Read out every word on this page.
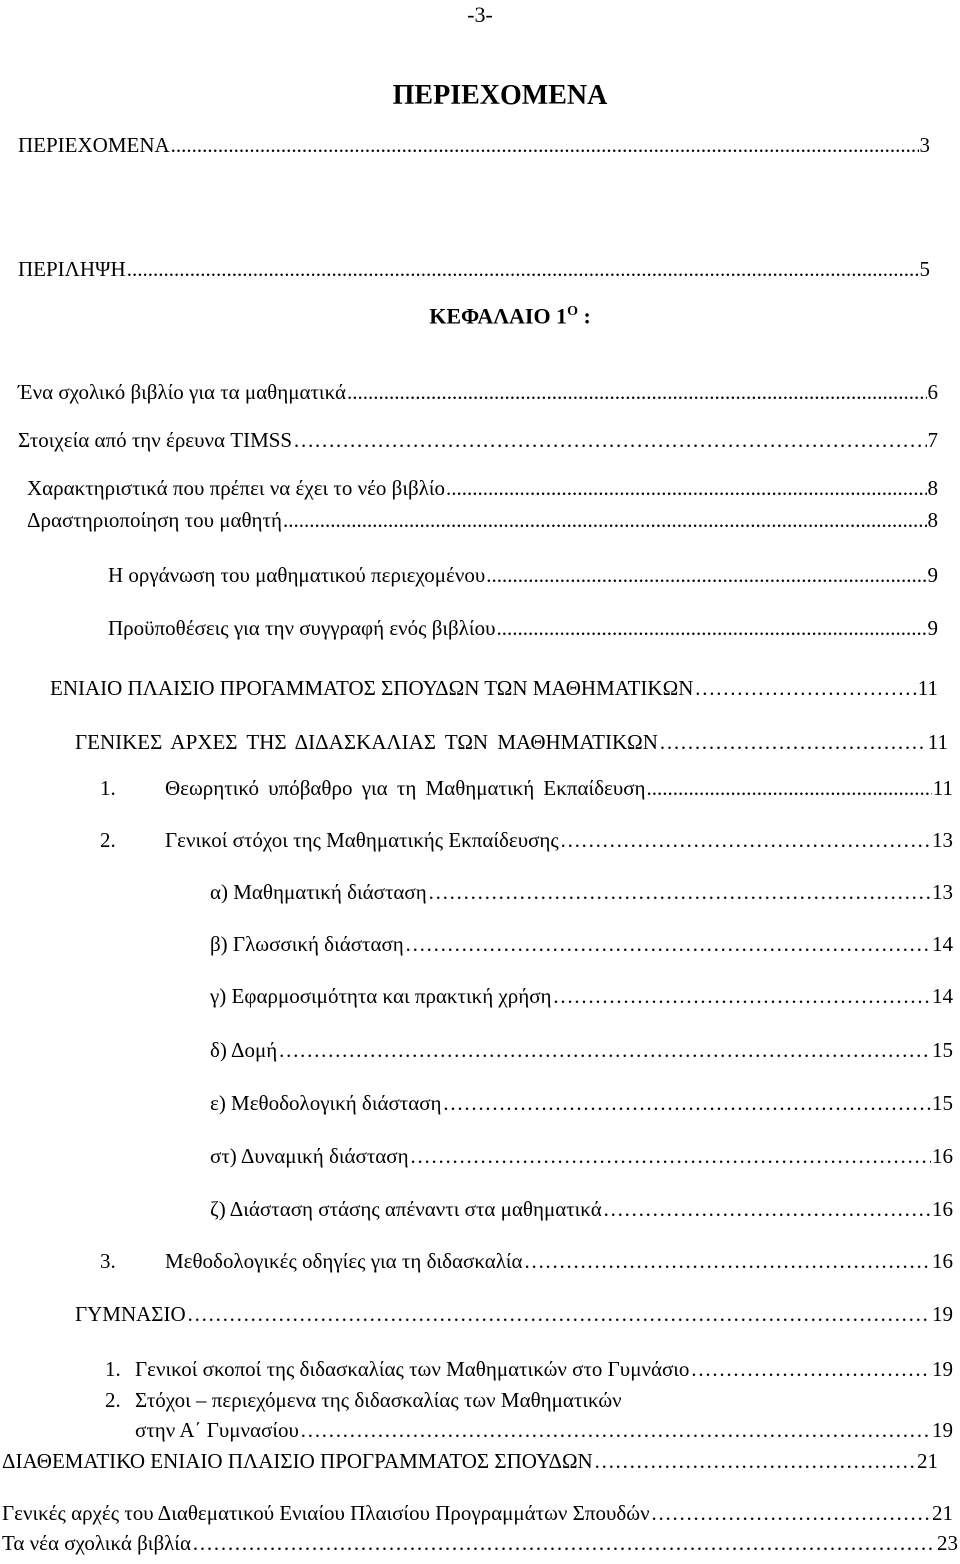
-3-
ΠΕΡΙΕΧΟΜΕΝΑ
ΠΕΡΙΕΧΟΜΕΝΑ .....	3
ΠΕΡΙΛΗΨΗ .....	5
ΚΕΦΑΛΑΙΟ $1^O$ :
Ένα σχολικό βιβλίο για τα μαθηματικά .....	6
Στοιχεία από την έρευνα TIMSS ……………………………………………………………………………………………………………………………………………………………………………………………………………………………………………………………………………………………………	7
Χαρακτηριστικά που πρέπει να έχει το νέο βιβλίο .....	8
Δραστηριοποίηση του μαθητή .....	8
Η οργάνωση του μαθηματικού περιεχομένου .....	9
Προϋποθέσεις για την συγγραφή ενός βιβλίου .....	9
ΕΝΙΑΙΟ ΠΛΑΙΣΙΟ ΠΡΟΓΑΜΜΑΤΟΣ ΣΠΟΥΔΩΝ ΤΩΝ ΜΑΘΗΜΑΤΙΚΩΝ ……………………………………………………………………………………………………………………………………………………………………………………………………………………………………………………………………………………………………	11
ΓΕΝΙΚΕΣ ΑΡΧΕΣ ΤΗΣ ΔΙΔΑΣΚΑΛΙΑΣ ΤΩΝ ΜΑΘΗΜΑΤΙΚΩΝ ……………………………………………………………………………………………………………………………………………………………………………………………………………………………………………………………………………………………………	11
1.	Θεωρητικό υπόβαθρο για τη Μαθηματική Εκπαίδευση .....	11
2.	Γενικοί στόχοι της Μαθηματικής Εκπαίδευσης ……………………………………………………………………………………………………………………………………………………………………………………………………………………………………………………………………………………………………	13
α) Μαθηματική διάσταση ……………………………………………………………………………………………………………………………………………………………………………………………………………………………………………………………………………………………………	13
β) Γλωσσική διάσταση ……………………………………………………………………………………………………………………………………………………………………………………………………………………………………………………………………………………………………	14
γ) Εφαρμοσιμότητα και πρακτική χρήση ……………………………………………………………………………………………………………………………………………………………………………………………………………………………………………………………………………………………………	14
δ) Δομή ……………………………………………………………………………………………………………………………………………………………………………………………………………………………………………………………………………………………………	15
ε) Μεθοδολογική διάσταση ……………………………………………………………………………………………………………………………………………………………………………………………………………………………………………………………………………………………………	15
στ) Δυναμική διάσταση ……………………………………………………………………………………………………………………………………………………………………………………………………………………………………………………………………………………………………	16
ζ) Διάσταση στάσης απέναντι στα μαθηματικά ……………………………………………………………………………………………………………………………………………………………………………………………………………………………………………………………………………………………………	16
3.	Μεθοδολογικές οδηγίες για τη διδασκαλία ……………………………………………………………………………………………………………………………………………………………………………………………………………………………………………………………………………………………………	16
ΓΥΜΝΑΣΙΟ ……………………………………………………………………………………………………………………………………………………………………………………………………………………………………………………………………………………………………	19
1. Γενικοί σκοποί της διδασκαλίας των Μαθηματικών στο Γυμνάσιο ……………………………………………………………………………………………………………………………………………………………………………………………………………………………………………………………………………………………………	19
2. Στόχοι – περιεχόμενα της διδασκαλίας των Μαθηματικών
στην Α΄ Γυμνασίου ……………………………………………………………………………………………………………………………………………………………………………………………………………………………………………………………………………………………………	19
ΔΙΑΘΕΜΑΤΙΚΟ ΕΝΙΑΙΟ ΠΛΑΙΣΙΟ ΠΡΟΓΡΑΜΜΑΤΟΣ ΣΠΟΥΔΩΝ ……………………………………………………………………………………………………………………………………………………………………………………………………………………………………………………………………………………………………	21
Γενικές αρχές του Διαθεματικού Ενιαίου Πλαισίου Προγραμμάτων Σπουδών ……………………………………………………………………………………………………………………………………………………………………………………………………………………………………………………………………………………………………	21
Τα νέα σχολικά βιβλία ……………………………………………………………………………………………………………………………………………………………………………………………………………………………………………………………………………………………………	23
